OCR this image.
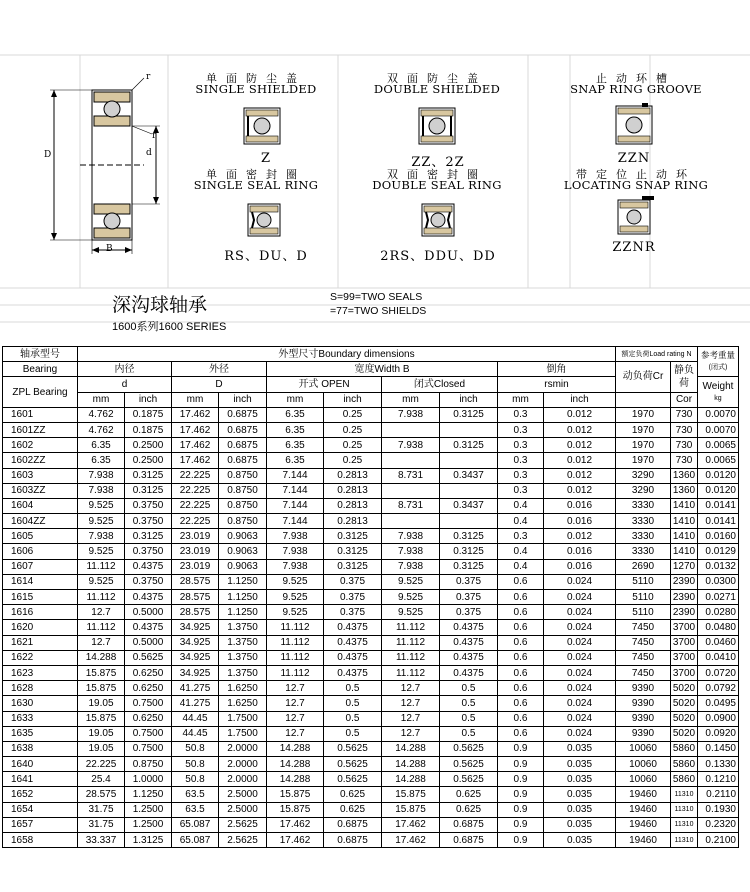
r
r
D	d
B
单面防尘盖
SINGLE SHIELDED
Z
双面防尘盖
DOUBLE SHIELDED
ZZ、2Z
止动环槽
SNAP RING GROOVE
ZZN
单面密封圈
SINGLE SEAL RING
RS、DU、D
双面密封圈
DOUBLE SEAL RING
2RS、DDU、DD
带定位止动环
LOCATING SNAP RING
ZZNR
深沟球轴承
1600系列1600 SERIES
S=99=TWO SEALS
=77=TWO SHIELDS
轴承型号	外型尺寸Boundary dimensions										额定负荷Load rating N		参考重量
(闭式)
Bearing	内径		外径		宽度Width B				倒角		动负荷Cr	静负荷	
ZPL Bearing	d		D		开式 OPEN		闭式Closed		rsmin				Weight
kg
	mm	inch	mm	inch	mm	inch	mm	inch	mm	inch		Cor	
1601	4.762	0.1875	17.462	0.6875	6.35	0.25	7.938	0.3125	0.3	0.012	1970	730	0.0070
1601ZZ	4.762	0.1875	17.462	0.6875	6.35	0.25			0.3	0.012	1970	730	0.0070
1602	6.35	0.2500	17.462	0.6875	6.35	0.25	7.938	0.3125	0.3	0.012	1970	730	0.0065
1602ZZ	6.35	0.2500	17.462	0.6875	6.35	0.25			0.3	0.012	1970	730	0.0065
1603	7.938	0.3125	22.225	0.8750	7.144	0.2813	8.731	0.3437	0.3	0.012	3290	1360	0.0120
1603ZZ	7.938	0.3125	22.225	0.8750	7.144	0.2813			0.3	0.012	3290	1360	0.0120
1604	9.525	0.3750	22.225	0.8750	7.144	0.2813	8.731	0.3437	0.4	0.016	3330	1410	0.0141
1604ZZ	9.525	0.3750	22.225	0.8750	7.144	0.2813			0.4	0.016	3330	1410	0.0141
1605	7.938	0.3125	23.019	0.9063	7.938	0.3125	7.938	0.3125	0.3	0.012	3330	1410	0.0160
1606	9.525	0.3750	23.019	0.9063	7.938	0.3125	7.938	0.3125	0.4	0.016	3330	1410	0.0129
1607	11.112	0.4375	23.019	0.9063	7.938	0.3125	7.938	0.3125	0.4	0.016	2690	1270	0.0132
1614	9.525	0.3750	28.575	1.1250	9.525	0.375	9.525	0.375	0.6	0.024	5110	2390	0.0300
1615	11.112	0.4375	28.575	1.1250	9.525	0.375	9.525	0.375	0.6	0.024	5110	2390	0.0271
1616	12.7	0.5000	28.575	1.1250	9.525	0.375	9.525	0.375	0.6	0.024	5110	2390	0.0280
1620	11.112	0.4375	34.925	1.3750	11.112	0.4375	11.112	0.4375	0.6	0.024	7450	3700	0.0480
1621	12.7	0.5000	34.925	1.3750	11.112	0.4375	11.112	0.4375	0.6	0.024	7450	3700	0.0460
1622	14.288	0.5625	34.925	1.3750	11.112	0.4375	11.112	0.4375	0.6	0.024	7450	3700	0.0410
1623	15.875	0.6250	34.925	1.3750	11.112	0.4375	11.112	0.4375	0.6	0.024	7450	3700	0.0720
1628	15.875	0.6250	41.275	1.6250	12.7	0.5	12.7	0.5	0.6	0.024	9390	5020	0.0792
1630	19.05	0.7500	41.275	1.6250	12.7	0.5	12.7	0.5	0.6	0.024	9390	5020	0.0495
1633	15.875	0.6250	44.45	1.7500	12.7	0.5	12.7	0.5	0.6	0.024	9390	5020	0.0900
1635	19.05	0.7500	44.45	1.7500	12.7	0.5	12.7	0.5	0.6	0.024	9390	5020	0.0920
1638	19.05	0.7500	50.8	2.0000	14.288	0.5625	14.288	0.5625	0.9	0.035	10060	5860	0.1450
1640	22.225	0.8750	50.8	2.0000	14.288	0.5625	14.288	0.5625	0.9	0.035	10060	5860	0.1330
1641	25.4	1.0000	50.8	2.0000	14.288	0.5625	14.288	0.5625	0.9	0.035	10060	5860	0.1210
1652	28.575	1.1250	63.5	2.5000	15.875	0.625	15.875	0.625	0.9	0.035	19460	11310	0.2110
1654	31.75	1.2500	63.5	2.5000	15.875	0.625	15.875	0.625	0.9	0.035	19460	11310	0.1930
1657	31.75	1.2500	65.087	2.5625	17.462	0.6875	17.462	0.6875	0.9	0.035	19460	11310	0.2320
1658	33.337	1.3125	65.087	2.5625	17.462	0.6875	17.462	0.6875	0.9	0.035	19460	11310	0.2100
